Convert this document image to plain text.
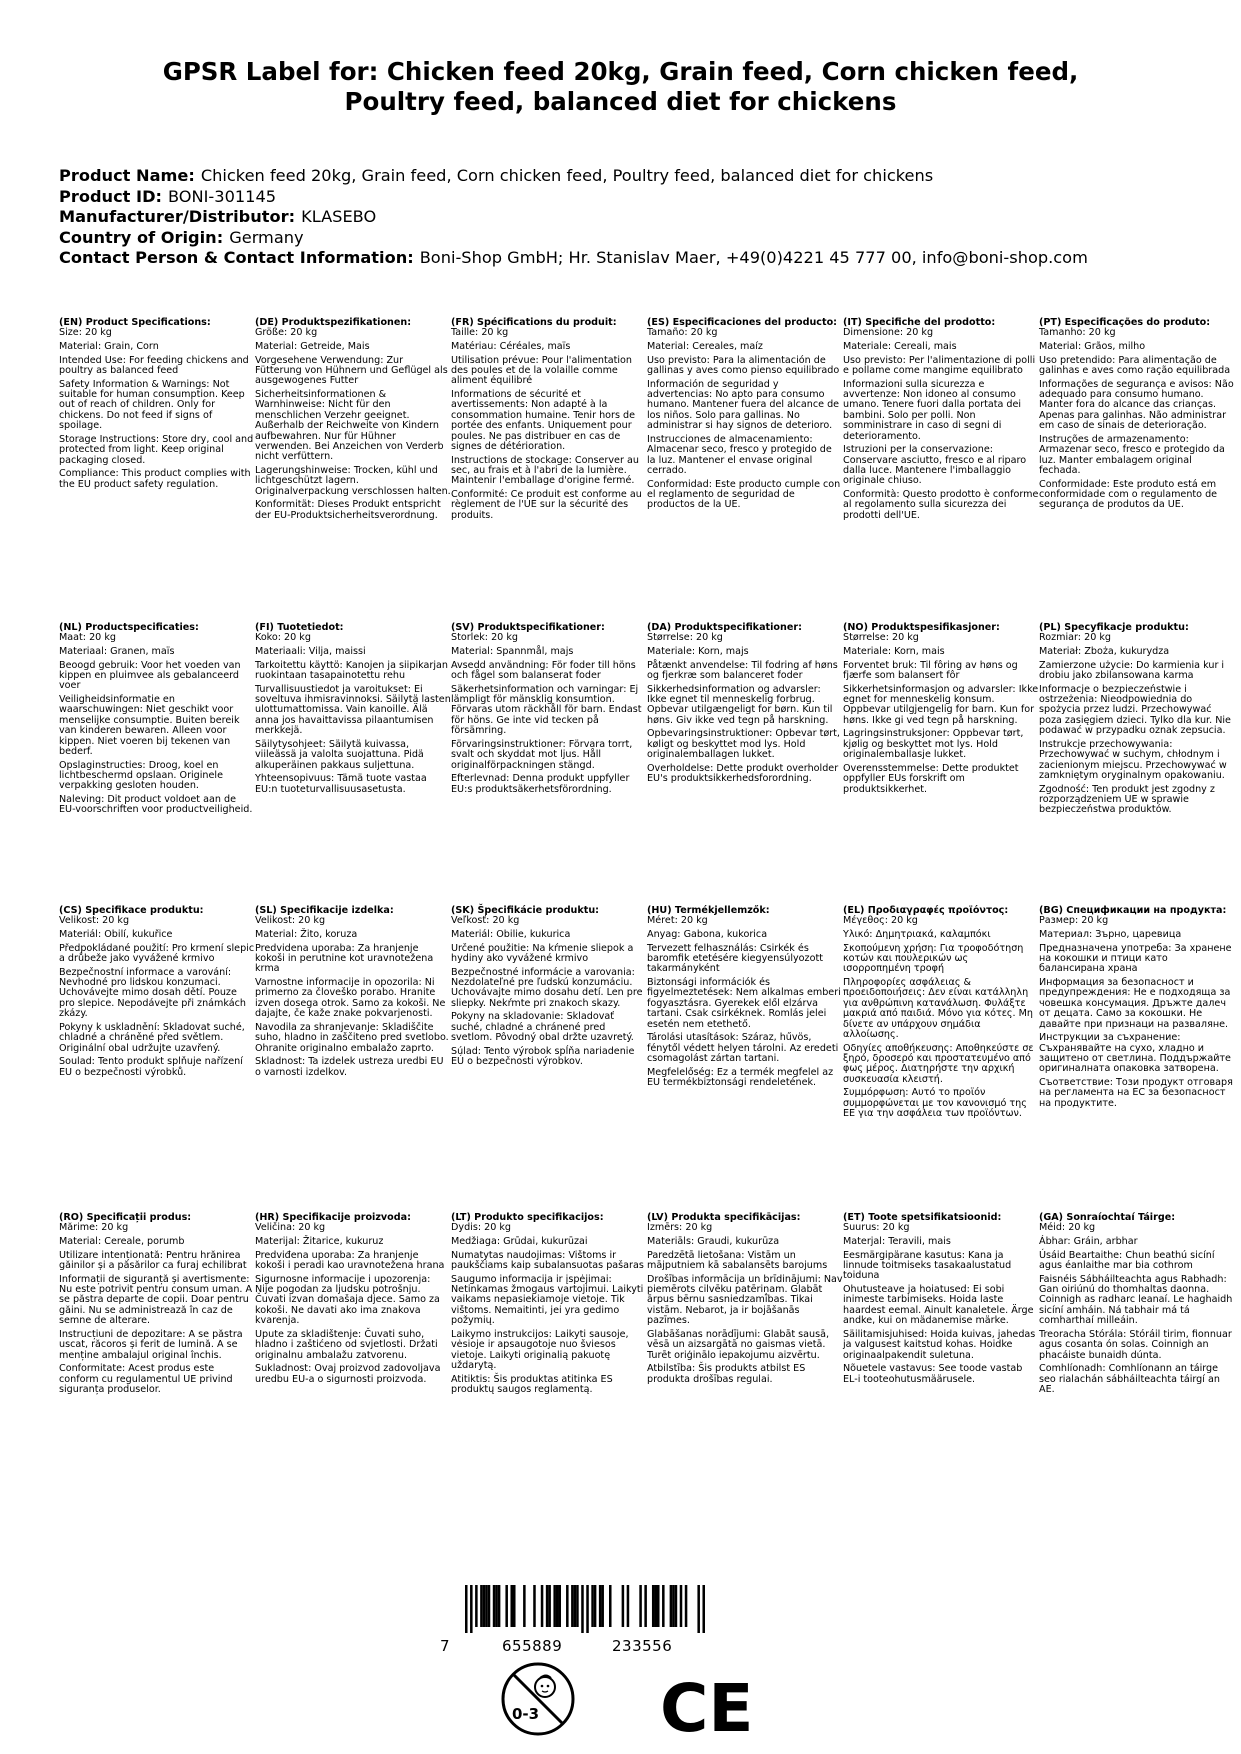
GPSR Label for: Chicken feed 20kg, Grain feed, Corn chicken feed,
Poultry feed, balanced diet for chickens
Product Name: Chicken feed 20kg, Grain feed, Corn chicken feed, Poultry feed, balanced diet for chickens
Product ID: BONI-301145
Manufacturer/Distributor: KLASEBO
Country of Origin: Germany
Contact Person & Contact Information: Boni-Shop GmbH; Hr. Stanislav Maer, +49(0)4221 45 777 00, info@boni-shop.com
(EN) Product Specifications:

Size: 20 kg

Material: Grain, Corn

Intended Use: For feeding chickens and poultry as balanced feed

Safety Information & Warnings: Not suitable for human consumption. Keep out of reach of children. Only for chickens. Do not feed if signs of spoilage.

Storage Instructions: Store dry, cool and protected from light. Keep original packaging closed.

Compliance: This product complies with the EU product safety regulation.

(DE) Produktspezifikationen:

Größe: 20 kg

Material: Getreide, Mais

Vorgesehene Verwendung: Zur Fütterung von Hühnern und Geflügel als ausgewogenes Futter

Sicherheitsinformationen & Warnhinweise: Nicht für den menschlichen Verzehr geeignet. Außerhalb der Reichweite von Kindern aufbewahren. Nur für Hühner verwenden. Bei Anzeichen von Verderb nicht verfüttern.

Lagerungshinweise: Trocken, kühl und lichtgeschützt lagern. Originalverpackung verschlossen halten.

Konformität: Dieses Produkt entspricht der EU-Produktsicherheitsverordnung.

(FR) Spécifications du produit:

Taille: 20 kg

Matériau: Céréales, maïs

Utilisation prévue: Pour l'alimentation des poules et de la volaille comme aliment équilibré

Informations de sécurité et avertissements: Non adapté à la consommation humaine. Tenir hors de portée des enfants. Uniquement pour poules. Ne pas distribuer en cas de signes de détérioration.

Instructions de stockage: Conserver au sec, au frais et à l'abri de la lumière. Maintenir l'emballage d'origine fermé.

Conformité: Ce produit est conforme au règlement de l'UE sur la sécurité des produits.

(ES) Especificaciones del producto:

Tamaño: 20 kg

Material: Cereales, maíz

Uso previsto: Para la alimentación de gallinas y aves como pienso equilibrado

Información de seguridad y advertencias: No apto para consumo humano. Mantener fuera del alcance de los niños. Solo para gallinas. No administrar si hay signos de deterioro.

Instrucciones de almacenamiento: Almacenar seco, fresco y protegido de la luz. Mantener el envase original cerrado.

Conformidad: Este producto cumple con el reglamento de seguridad de productos de la UE.

(IT) Specifiche del prodotto:

Dimensione: 20 kg

Materiale: Cereali, mais

Uso previsto: Per l'alimentazione di polli e pollame come mangime equilibrato

Informazioni sulla sicurezza e avvertenze: Non idoneo al consumo umano. Tenere fuori dalla portata dei bambini. Solo per polli. Non somministrare in caso di segni di deterioramento.

Istruzioni per la conservazione: Conservare asciutto, fresco e al riparo dalla luce. Mantenere l'imballaggio originale chiuso.

Conformità: Questo prodotto è conforme al regolamento sulla sicurezza dei prodotti dell'UE.

(PT) Especificações do produto:

Tamanho: 20 kg

Material: Grãos, milho

Uso pretendido: Para alimentação de galinhas e aves como ração equilibrada

Informações de segurança e avisos: Não adequado para consumo humano. Manter fora do alcance das crianças. Apenas para galinhas. Não administrar em caso de sinais de deterioração.

Instruções de armazenamento: Armazenar seco, fresco e protegido da luz. Manter embalagem original fechada.

Conformidade: Este produto está em conformidade com o regulamento de segurança de produtos da UE.

(NL) Productspecificaties:

Maat: 20 kg

Materiaal: Granen, maïs

Beoogd gebruik: Voor het voeden van kippen en pluimvee als gebalanceerd voer

Veiligheidsinformatie en waarschuwingen: Niet geschikt voor menselijke consumptie. Buiten bereik van kinderen bewaren. Alleen voor kippen. Niet voeren bij tekenen van bederf.

Opslaginstructies: Droog, koel en lichtbeschermd opslaan. Originele verpakking gesloten houden.

Naleving: Dit product voldoet aan de EU-voorschriften voor productveiligheid.

(FI) Tuotetiedot:

Koko: 20 kg

Materiaali: Vilja, maissi

Tarkoitettu käyttö: Kanojen ja siipikarjan ruokintaan tasapainotettu rehu

Turvallisuustiedot ja varoitukset: Ei soveltuva ihmisravinnoksi. Säilytä lasten ulottumattomissa. Vain kanoille. Älä anna jos havaittavissa pilaantumisen merkkejä.

Säilytysohjeet: Säilytä kuivassa, viileässä ja valolta suojattuna. Pidä alkuperäinen pakkaus suljettuna.

Yhteensopivuus: Tämä tuote vastaa EU:n tuoteturvallisuusasetusta.

(SV) Produktspecifikationer:

Storlek: 20 kg

Material: Spannmål, majs

Avsedd användning: För foder till höns och fågel som balanserat foder

Säkerhetsinformation och varningar: Ej lämpligt för mänsklig konsumtion. Förvaras utom räckhåll för barn. Endast för höns. Ge inte vid tecken på försämring.

Förvaringsinstruktioner: Förvara torrt, svalt och skyddat mot ljus. Håll originalförpackningen stängd.

Efterlevnad: Denna produkt uppfyller EU:s produktsäkerhetsförordning.

(DA) Produktspecifikationer:

Størrelse: 20 kg

Materiale: Korn, majs

Påtænkt anvendelse: Til fodring af høns og fjerkræ som balanceret foder

Sikkerhedsinformation og advarsler: Ikke egnet til menneskelig forbrug. Opbevar utilgængeligt for børn. Kun til høns. Giv ikke ved tegn på harskning.

Opbevaringsinstruktioner: Opbevar tørt, køligt og beskyttet mod lys. Hold originalemballagen lukket.

Overholdelse: Dette produkt overholder EU's produktsikkerhedsforordning.

(NO) Produktspesifikasjoner:

Størrelse: 20 kg

Materiale: Korn, mais

Forventet bruk: Til fôring av høns og fjærfe som balansert fôr

Sikkerhetsinformasjon og advarsler: Ikke egnet for menneskelig konsum. Oppbevar utilgjengelig for barn. Kun for høns. Ikke gi ved tegn på harskning.

Lagringsinstruksjoner: Oppbevar tørt, kjølig og beskyttet mot lys. Hold originalemballasje lukket.

Overensstemmelse: Dette produktet oppfyller EUs forskrift om produktsikkerhet.

(PL) Specyfikacje produktu:

Rozmiar: 20 kg

Materiał: Zboża, kukurydza

Zamierzone użycie: Do karmienia kur i drobiu jako zbilansowana karma

Informacje o bezpieczeństwie i ostrzeżenia: Nieodpowiednia do spożycia przez ludzi. Przechowywać poza zasięgiem dzieci. Tylko dla kur. Nie podawać w przypadku oznak zepsucia.

Instrukcje przechowywania: Przechowywać w suchym, chłodnym i zacienionym miejscu. Przechowywać w zamkniętym oryginalnym opakowaniu.

Zgodność: Ten produkt jest zgodny z rozporządzeniem UE w sprawie bezpieczeństwa produktów.

(CS) Specifikace produktu:

Velikost: 20 kg

Materiál: Obilí, kukuřice

Předpokládané použití: Pro krmení slepic a drůbeže jako vyvážené krmivo

Bezpečnostní informace a varování: Nevhodné pro lidskou konzumaci. Uchovávejte mimo dosah dětí. Pouze pro slepice. Nepodávejte při známkách zkázy.

Pokyny k uskladnění: Skladovat suché, chladné a chráněné před světlem. Originální obal udržujte uzavřený.

Soulad: Tento produkt splňuje nařízení EU o bezpečnosti výrobků.

(SL) Specifikacije izdelka:

Velikost: 20 kg

Material: Žito, koruza

Predvidena uporaba: Za hranjenje kokoši in perutnine kot uravnotežena krma

Varnostne informacije in opozorila: Ni primerno za človeško porabo. Hranite izven dosega otrok. Samo za kokoši. Ne dajajte, če kaže znake pokvarjenosti.

Navodila za shranjevanje: Skladiščite suho, hladno in zaščiteno pred svetlobo. Ohranite originalno embalažo zaprto.

Skladnost: Ta izdelek ustreza uredbi EU o varnosti izdelkov.

(SK) Špecifikácie produktu:

Veľkosť: 20 kg

Materiál: Obilie, kukurica

Určené použitie: Na kŕmenie sliepok a hydiny ako vyvážené krmivo

Bezpečnostné informácie a varovania: Nezdolateľné pre ľudskú konzumáciu. Uchovávajte mimo dosahu detí. Len pre sliepky. Nekŕmte pri znakoch skazy.

Pokyny na skladovanie: Skladovať suché, chladné a chránené pred svetlom. Pôvodný obal držte uzavretý.

Súlad: Tento výrobok spĺňa nariadenie EÚ o bezpečnosti výrobkov.

(HU) Termékjellemzők:

Méret: 20 kg

Anyag: Gabona, kukorica

Tervezett felhasználás: Csirkék és baromfik etetésére kiegyensúlyozott takarmányként

Biztonsági információk és figyelmeztetések: Nem alkalmas emberi fogyasztásra. Gyerekek elől elzárva tartani. Csak csirkéknek. Romlás jelei esetén nem etethető.

Tárolási utasítások: Száraz, hűvös, fénytől védett helyen tárolni. Az eredeti csomagolást zártan tartani.

Megfelelőség: Ez a termék megfelel az EU termékbiztonsági rendeletének.

(EL) Προδιαγραφές προϊόντος:

Μέγεθος: 20 kg

Υλικό: Δημητριακά, καλαμπόκι

Σκοπούμενη χρήση: Για τροφοδότηση κοτών και πουλερικών ως ισορροπημένη τροφή

Πληροφορίες ασφάλειας & προειδοποιήσεις: Δεν είναι κατάλληλη για ανθρώπινη κατανάλωση. Φυλάξτε μακριά από παιδιά. Μόνο για κότες. Μη δίνετε αν υπάρχουν σημάδια αλλοίωσης.

Οδηγίες αποθήκευσης: Αποθηκεύστε σε ξηρό, δροσερό και προστατευμένο από φως μέρος. Διατηρήστε την αρχική συσκευασία κλειστή.

Συμμόρφωση: Αυτό το προϊόν συμμορφώνεται με τον κανονισμό της ΕΕ για την ασφάλεια των προϊόντων.

(BG) Спецификации на продукта:

Размер: 20 kg

Материал: Зърно, царевица

Предназначена употреба: За хранене на кокошки и птици като балансирана храна

Информация за безопасност и предупреждения: Не е подходяща за човешка консумация. Дръжте далеч от децата. Само за кокошки. Не давайте при признаци на разваляне.

Инструкции за съхранение: Съхранявайте на сухо, хладно и защитено от светлина. Поддържайте оригиналната опаковка затворена.

Съответствие: Този продукт отговаря на регламента на ЕС за безопасност на продуктите.

(RO) Specificații produs:

Mărime: 20 kg

Material: Cereale, porumb

Utilizare intenționată: Pentru hrănirea găinilor și a păsărilor ca furaj echilibrat

Informații de siguranță și avertismente: Nu este potrivit pentru consum uman. A se păstra departe de copii. Doar pentru găini. Nu se administrează în caz de semne de alterare.

Instrucțiuni de depozitare: A se păstra uscat, răcoros și ferit de lumină. A se menține ambalajul original închis.

Conformitate: Acest produs este conform cu regulamentul UE privind siguranța produselor.

(HR) Specifikacije proizvoda:

Veličina: 20 kg

Materijal: Žitarice, kukuruz

Predviđena uporaba: Za hranjenje kokoši i peradi kao uravnotežena hrana

Sigurnosne informacije i upozorenja: Nije pogodan za ljudsku potrošnju. Čuvati izvan domašaja djece. Samo za kokoši. Ne davati ako ima znakova kvarenja.

Upute za skladištenje: Čuvati suho, hladno i zaštićeno od svjetlosti. Držati originalnu ambalažu zatvorenu.

Sukladnost: Ovaj proizvod zadovoljava uredbu EU-a o sigurnosti proizvoda.

(LT) Produkto specifikacijos:

Dydis: 20 kg

Medžiaga: Grūdai, kukurūzai

Numatytas naudojimas: Vištoms ir paukščiams kaip subalansuotas pašaras

Saugumo informacija ir įspėjimai: Netinkamas žmogaus vartojimui. Laikyti vaikams nepasiekiamoje vietoje. Tik vištoms. Nemaitinti, jei yra gedimo požymių.

Laikymo instrukcijos: Laikyti sausoje, vėsioje ir apsaugotoje nuo šviesos vietoje. Laikyti originalią pakuotę uždarytą.

Atitiktis: Šis produktas atitinka ES produktų saugos reglamentą.

(LV) Produkta specifikācijas:

Izmērs: 20 kg

Materiāls: Graudi, kukurūza

Paredzētā lietošana: Vistām un mājputniem kā sabalansēts barojums

Drošības informācija un brīdinājumi: Nav piemērots cilvēku patēriņam. Glabāt ārpus bērnu sasniedzamības. Tikai vistām. Nebarot, ja ir bojāšanās pazīmes.

Glabāšanas norādījumi: Glabāt sausā, vēsā un aizsargātā no gaismas vietā. Turēt oriģinālo iepakojumu aizvērtu.

Atbilstība: Šis produkts atbilst ES produkta drošības regulai.

(ET) Toote spetsifikatsioonid:

Suurus: 20 kg

Materjal: Teravili, mais

Eesmärgipärane kasutus: Kana ja linnude toitmiseks tasakaalustatud toiduna

Ohutusteave ja hoiatused: Ei sobi inimeste tarbimiseks. Hoida laste haardest eemal. Ainult kanaletele. Ärge andke, kui on mädanemise märke.

Säilitamisjuhised: Hoida kuivas, jahedas ja valgusest kaitstud kohas. Hoidke originaalpakendit suletuna.

Nõuetele vastavus: See toode vastab EL-i tooteohutusmäärusele.

(GA) Sonraíochtaí Táirge:

Méid: 20 kg

Ábhar: Gráin, arbhar

Úsáid Beartaithe: Chun beathú sicíní agus éanlaithe mar bia cothrom

Faisnéis Sábháilteachta agus Rabhadh: Gan oiriúnú do thomhaltas daonna. Coinnigh as radharc leanaí. Le haghaidh sicíní amháin. Ná tabhair má tá comharthaí milleáin.

Treoracha Stórála: Stóráil tirim, fionnuar agus cosanta ón solas. Coinnigh an phacáiste bunaidh dúnta.

Comhlíonadh: Comhlíonann an táirge seo rialachán sábháilteachta táirgí an AE.

7	655889	233556
0-3 CE
